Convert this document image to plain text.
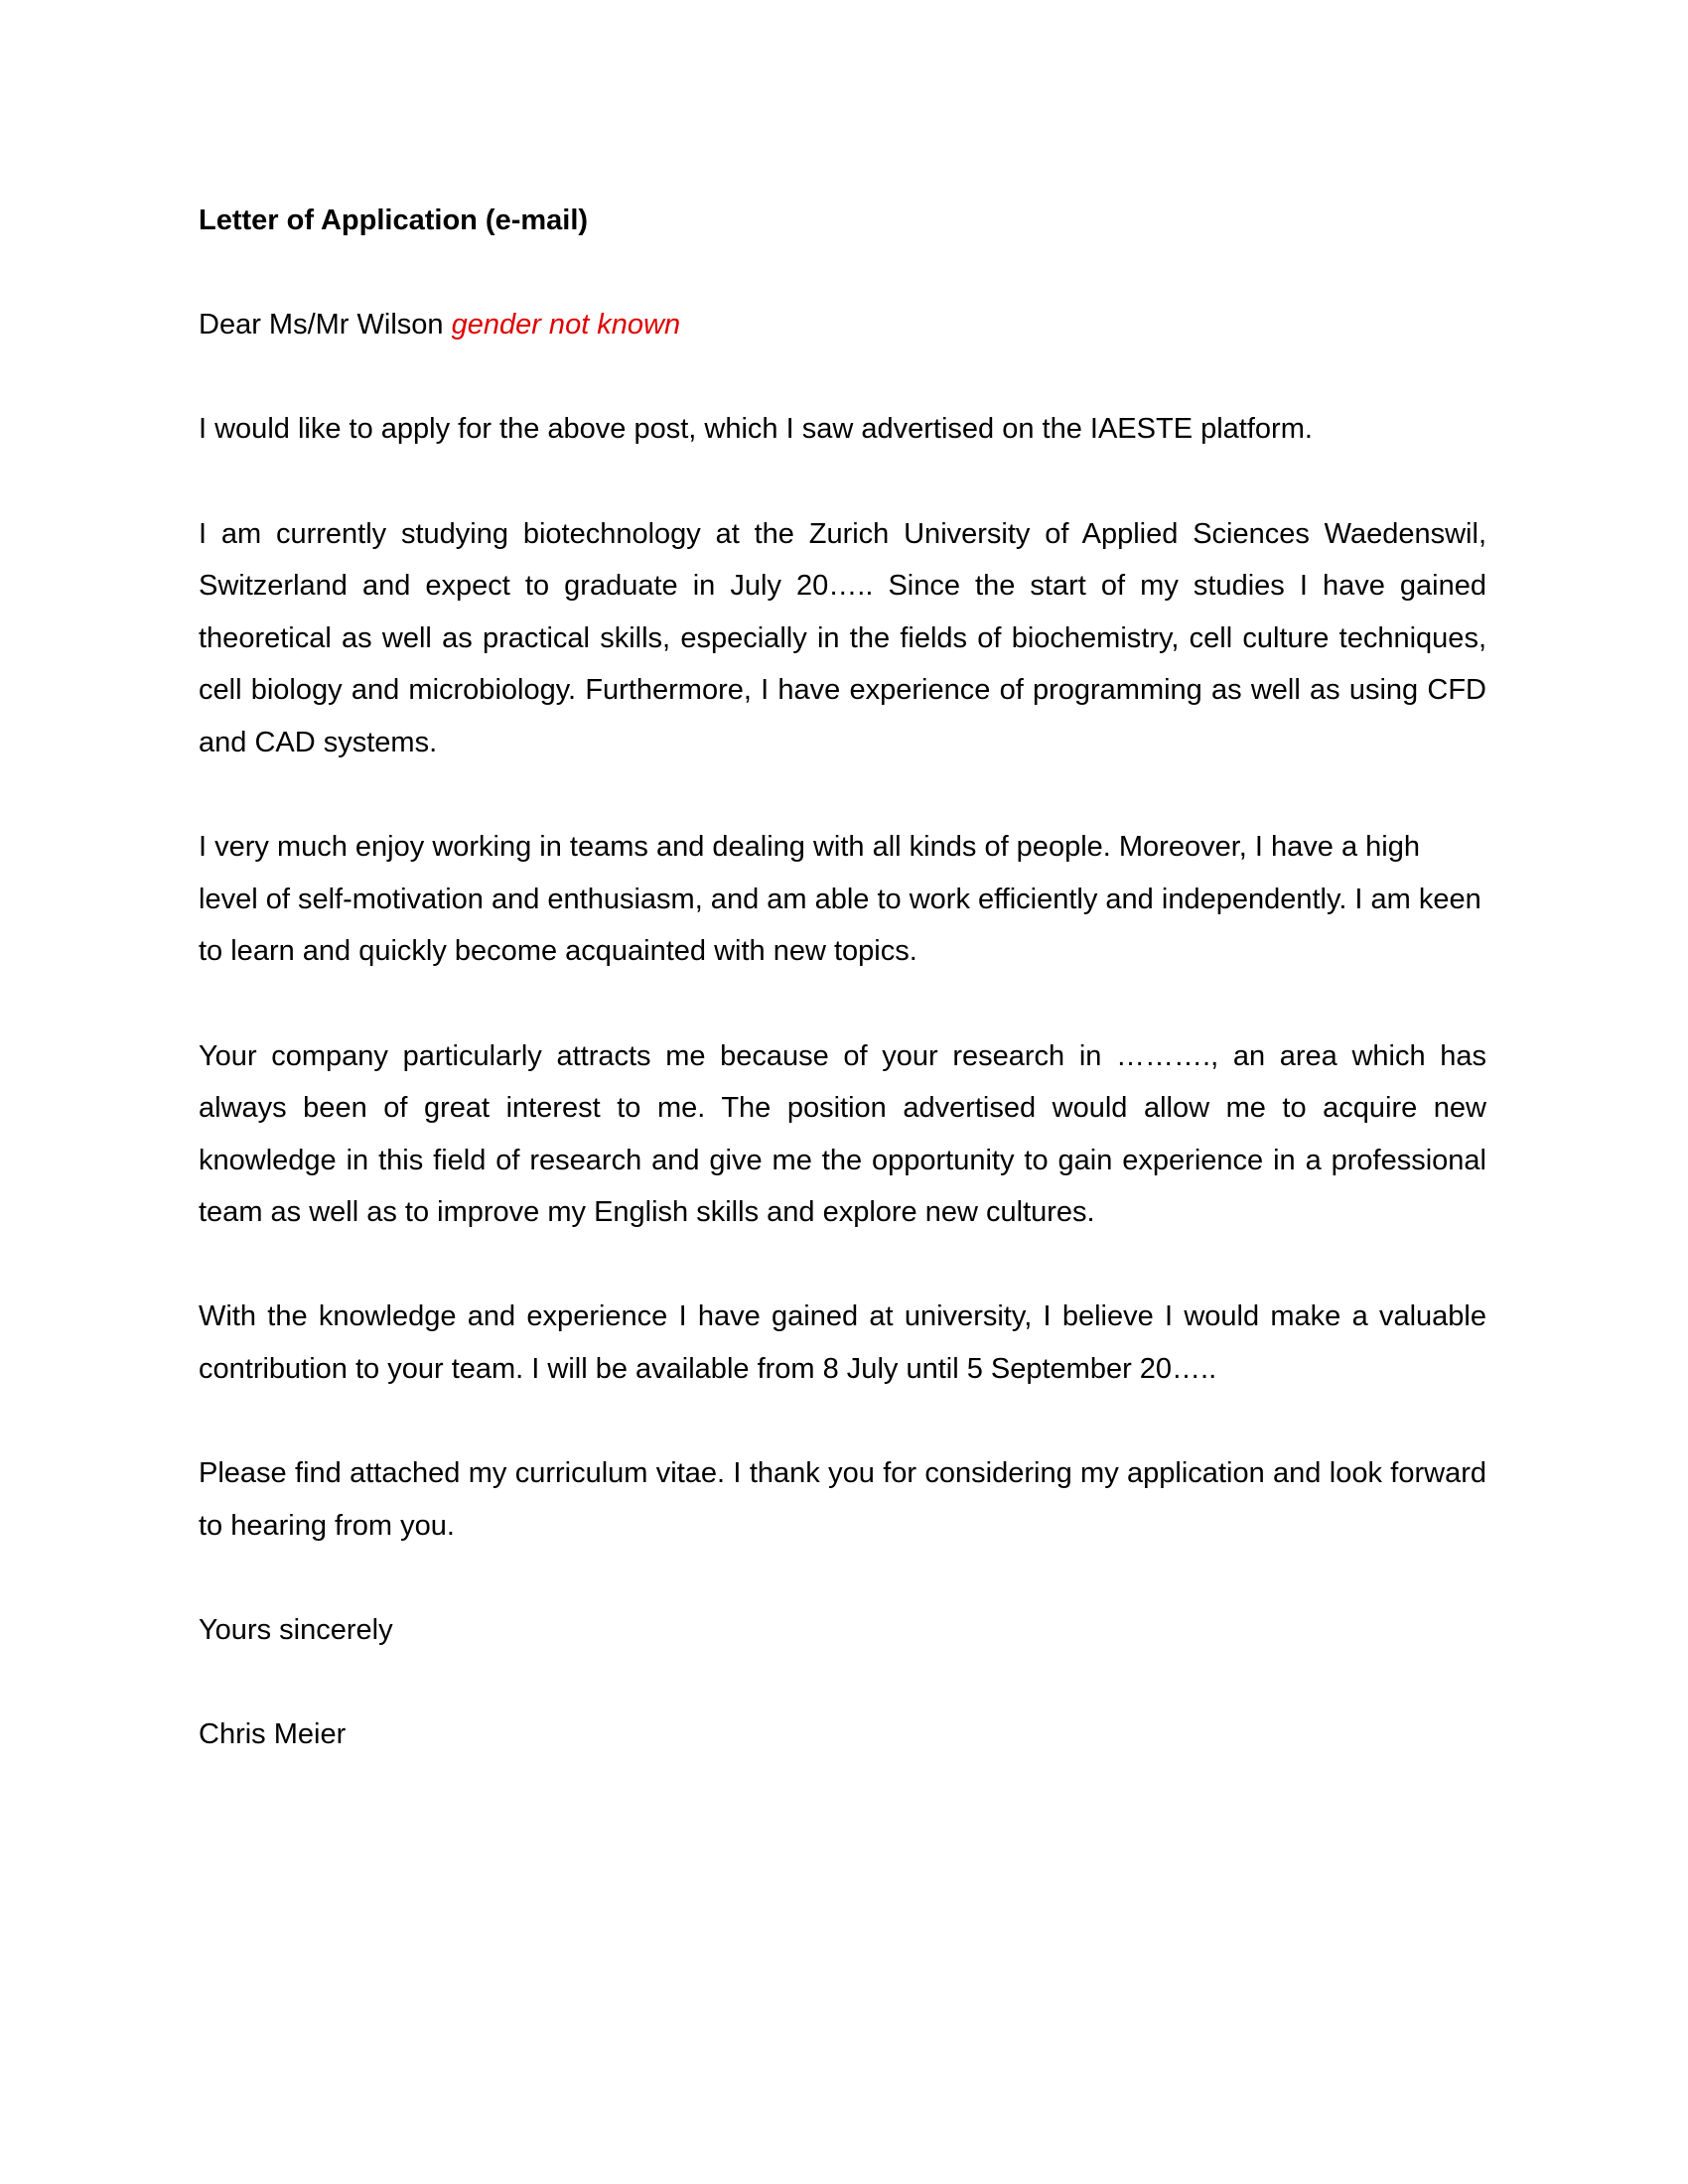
Letter of Application (e-mail)

Dear Ms/Mr Wilson gender not known

I would like to apply for the above post, which I saw advertised on the IAESTE platform.

I am currently studying biotechnology at the Zurich University of Applied Sciences Waedenswil, Switzerland and expect to graduate in July 20….. Since the start of my studies I have gained theoretical as well as practical skills, especially in the fields of biochemistry, cell culture techniques, cell biology and microbiology. Furthermore, I have experience of programming as well as using CFD and CAD systems.

I very much enjoy working in teams and dealing with all kinds of people. Moreover, I have a high level of self-motivation and enthusiasm, and am able to work efficiently and independently. I am keen to learn and quickly become acquainted with new topics.

Your company particularly attracts me because of your research in ………., an area which has always been of great interest to me. The position advertised would allow me to acquire new knowledge in this field of research and give me the opportunity to gain experience in a professional team as well as to improve my English skills and explore new cultures.

With the knowledge and experience I have gained at university, I believe I would make a valuable contribution to your team. I will be available from 8 July until 5 September 20…..

Please find attached my curriculum vitae. I thank you for considering my application and look forward to hearing from you.

Yours sincerely

Chris Meier
